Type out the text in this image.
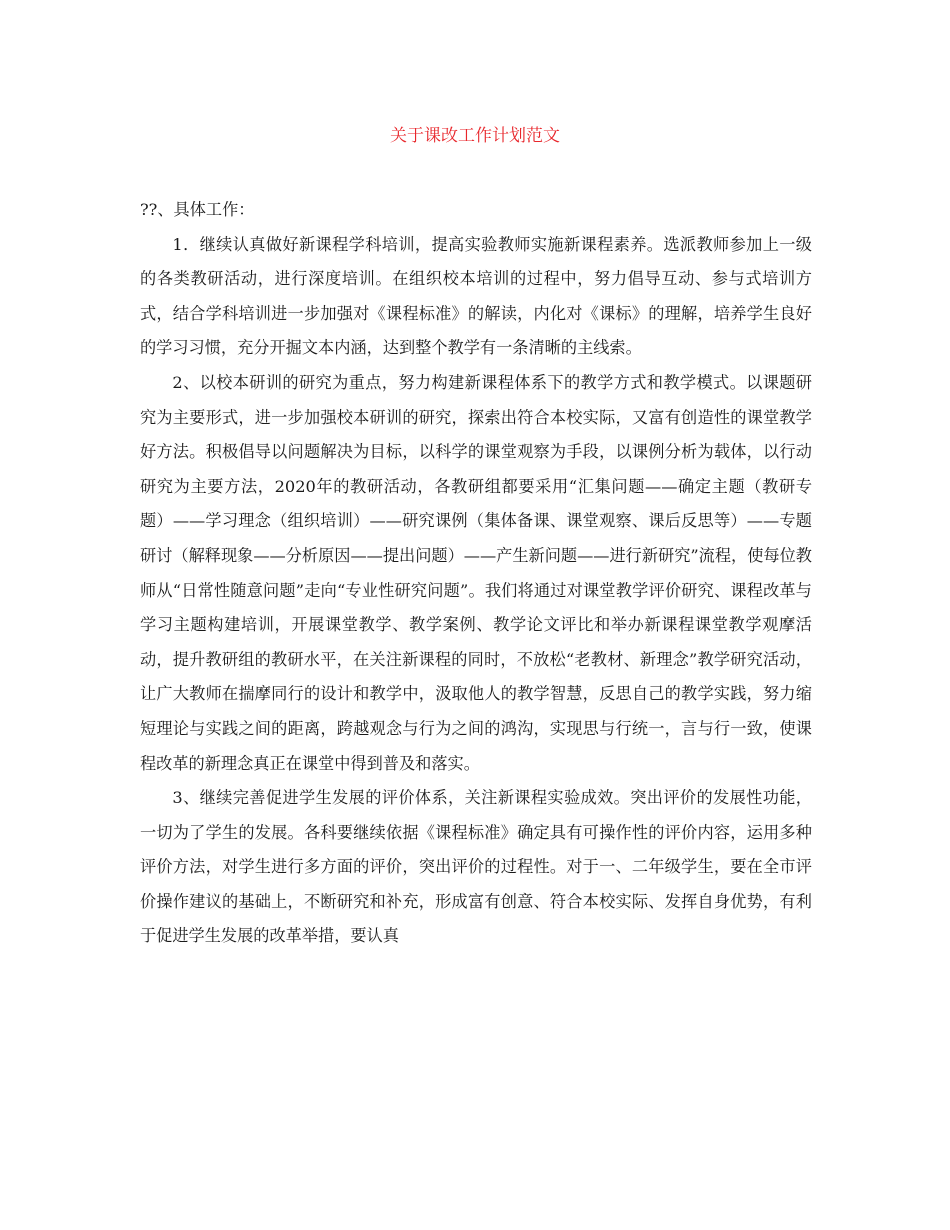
关于课改工作计划范文

??、具体工作：

1．继续认真做好新课程学科培训，提高实验教师实施新课程素养。选派教师参加上一级的各类教研活动，进行深度培训。在组织校本培训的过程中，努力倡导互动、参与式培训方式，结合学科培训进一步加强对《课程标准》的解读，内化对《课标》的理解，培养学生良好的学习习惯，充分开掘文本内涵，达到整个教学有一条清晰的主线索。

2、以校本研训的研究为重点，努力构建新课程体系下的教学方式和教学模式。以课题研究为主要形式，进一步加强校本研训的研究，探索出符合本校实际，又富有创造性的课堂教学好方法。积极倡导以问题解决为目标，以科学的课堂观察为手段，以课例分析为载体，以行动研究为主要方法，2020年的教研活动，各教研组都要采用“汇集问题——确定主题（教研专题）——学习理念（组织培训）——研究课例（集体备课、课堂观察、课后反思等）——专题研讨（解释现象——分析原因——提出问题）——产生新问题——进行新研究”流程，使每位教师从“日常性随意问题”走向“专业性研究问题”。我们将通过对课堂教学评价研究、课程改革与学习主题构建培训，开展课堂教学、教学案例、教学论文评比和举办新课程课堂教学观摩活动，提升教研组的教研水平，在关注新课程的同时，不放松“老教材、新理念”教学研究活动，让广大教师在揣摩同行的设计和教学中，汲取他人的教学智慧，反思自己的教学实践，努力缩短理论与实践之间的距离，跨越观念与行为之间的鸿沟，实现思与行统一，言与行一致，使课程改革的新理念真正在课堂中得到普及和落实。

3、继续完善促进学生发展的评价体系，关注新课程实验成效。突出评价的发展性功能，一切为了学生的发展。各科要继续依据《课程标准》确定具有可操作性的评价内容，运用多种评价方法，对学生进行多方面的评价，突出评价的过程性。对于一、二年级学生，要在全市评价操作建议的基础上，不断研究和补充，形成富有创意、符合本校实际、发挥自身优势，有利于促进学生发展的改革举措，要认真
